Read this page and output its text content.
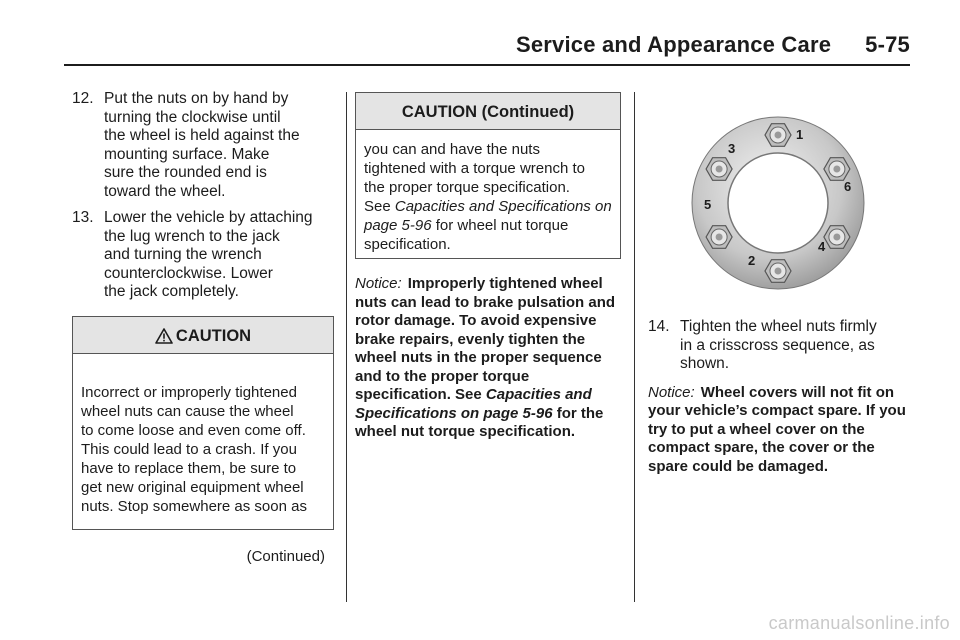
Service and Appearance Care 5-75
12. Put the nuts on by hand by
turning the clockwise until
the wheel is held against the
mounting surface. Make
sure the rounded end is
toward the wheel.
13. Lower the vehicle by attaching
the lug wrench to the jack
and turning the wrench
counterclockwise. Lower
the jack completely.
CAUTION

Incorrect or improperly tightened
wheel nuts can cause the wheel
to come loose and even come off.
This could lead to a crash. If you
have to replace them, be sure to
get new original equipment wheel
nuts. Stop somewhere as soon as

(Continued)

CAUTION (Continued)
you can and have the nuts
tightened with a torque wrench to
the proper torque specification.
See Capacities and Specifications on page 5-96 for wheel nut torque specification.
Notice: Improperly tightened wheel nuts can lead to brake pulsation and rotor damage. To avoid expensive brake repairs, evenly tighten the wheel nuts in the proper sequence and to the proper torque specification. See Capacities and Specifications on page 5-96 for the wheel nut torque specification.
1
2
3
4
5
6
14. Tighten the wheel nuts firmly
in a crisscross sequence, as
shown.
Notice: Wheel covers will not fit on your vehicle’s compact spare. If you try to put a wheel cover on the compact spare, the cover or the spare could be damaged.
carmanualsonline.info
